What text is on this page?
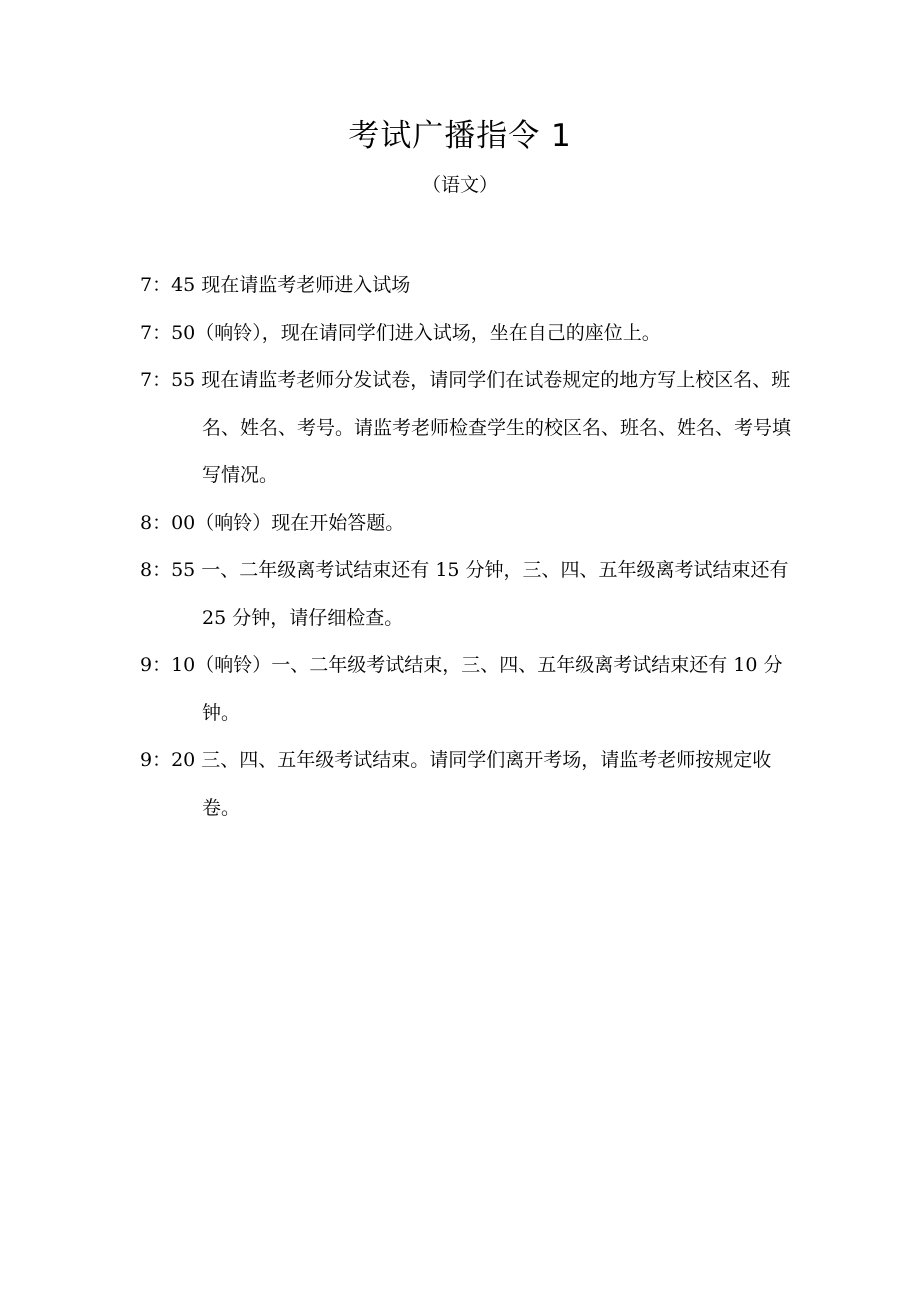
考试广播指令 1
（语文）
7：45 现在请监考老师进入试场
7：50（响铃），现在请同学们进入试场，坐在自己的座位上。
7：55 现在请监考老师分发试卷，请同学们在试卷规定的地方写上校区名、班名、姓名、考号。请监考老师检查学生的校区名、班名、姓名、考号填写情况。
8：00（响铃）现在开始答题。
8：55 一、二年级离考试结束还有 15 分钟，三、四、五年级离考试结束还有 25 分钟，请仔细检查。
9：10（响铃）一、二年级考试结束，三、四、五年级离考试结束还有 10 分钟。
9：20 三、四、五年级考试结束。请同学们离开考场，请监考老师按规定收卷。
